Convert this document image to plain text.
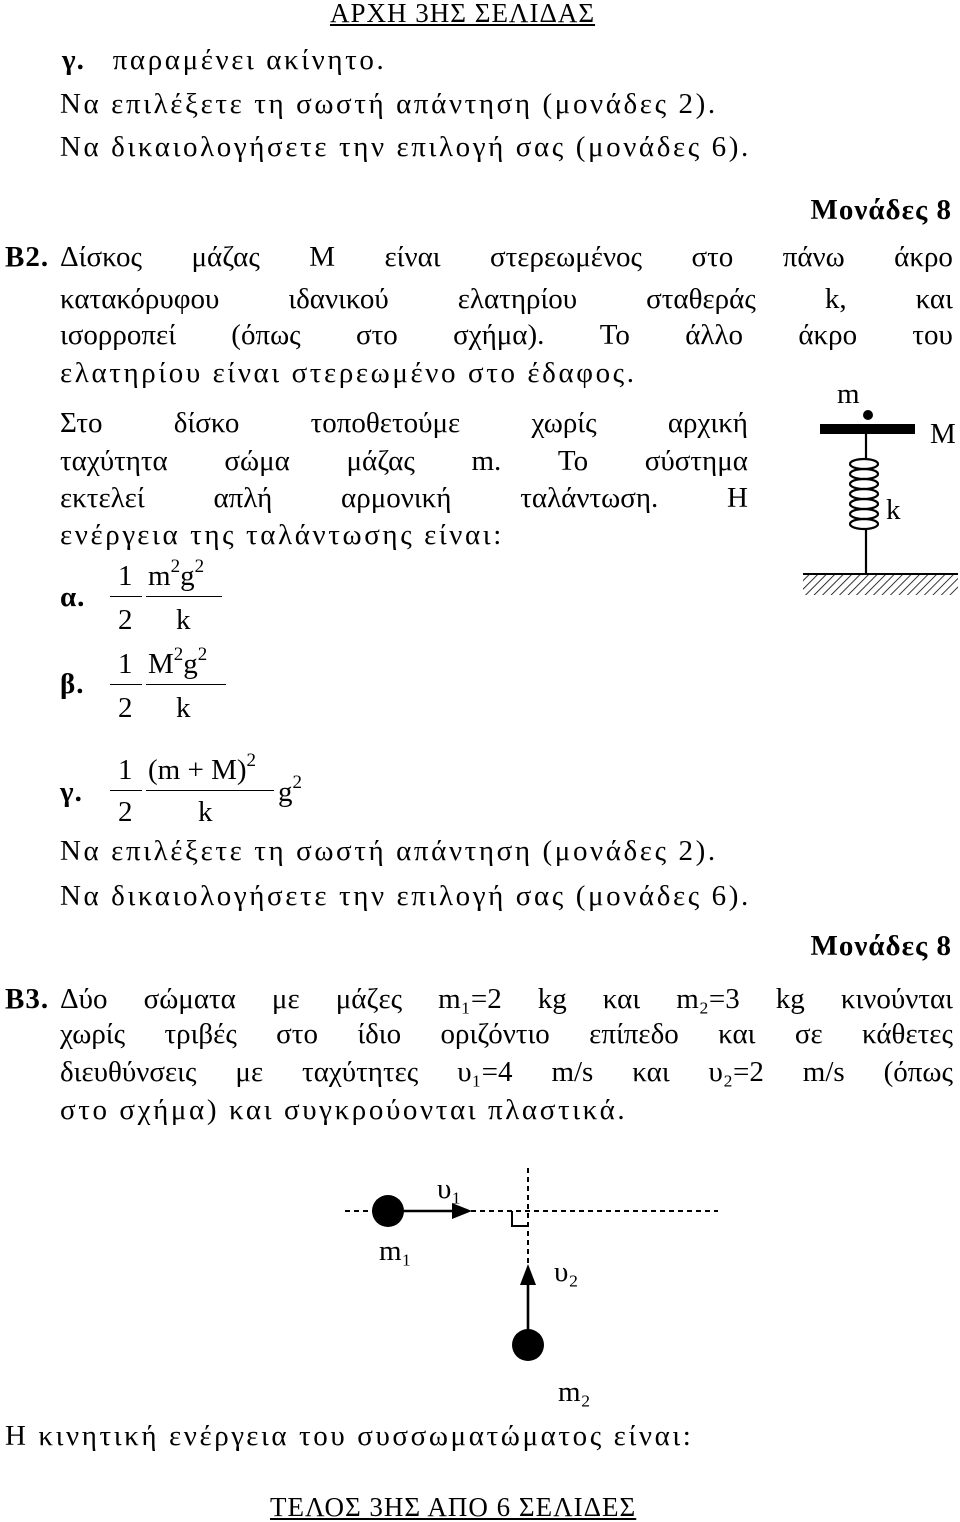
ΑΡΧΗ 3ΗΣ ΣΕΛΙΔΑΣ
γ. παραμένει ακίνητο.
Να επιλέξετε τη σωστή απάντηση (μονάδες 2).
Να δικαιολογήσετε την επιλογή σας (μονάδες 6).
Μονάδες 8
Β2. Δίσκος μάζας Μ είναι στερεωμένος στο πάνω άκρο
κατακόρυφου ιδανικού ελατηρίου σταθεράς k, και
ισορροπεί (όπως στο σχήμα). Το άλλο άκρο του
ελατηρίου είναι στερεωμένο στο έδαφος.
Στο δίσκο τοποθετούμε χωρίς αρχική
ταχύτητα σώμα μάζας m. Το σύστημα
εκτελεί απλή αρμονική ταλάντωση. Η
ενέργεια της ταλάντωσης είναι:
α.
1
2
$m^2g^2$
k
β.
1
2
$M^2g^2$
k
γ.
1
2
$(m + M)^2$
k
$g^2$
Να επιλέξετε τη σωστή απάντηση (μονάδες 2).
Να δικαιολογήσετε την επιλογή σας (μονάδες 6).
Μονάδες 8
m
M
k
Β3. Δύο σώματα με μάζες m₁=2 kg και m₂=3 kg κινούνται
χωρίς τριβές στο ίδιο οριζόντιο επίπεδο και σε κάθετες
διευθύνσεις με ταχύτητες υ₁=4 m/s και υ₂=2 m/s (όπως
στο σχήμα) και συγκρούονται πλαστικά.
υ₁
m₁
υ₂
m₂
Η κινητική ενέργεια του συσσωματώματος είναι:
ΤΕΛΟΣ 3ΗΣ ΑΠΟ 6 ΣΕΛΙΔΕΣ
